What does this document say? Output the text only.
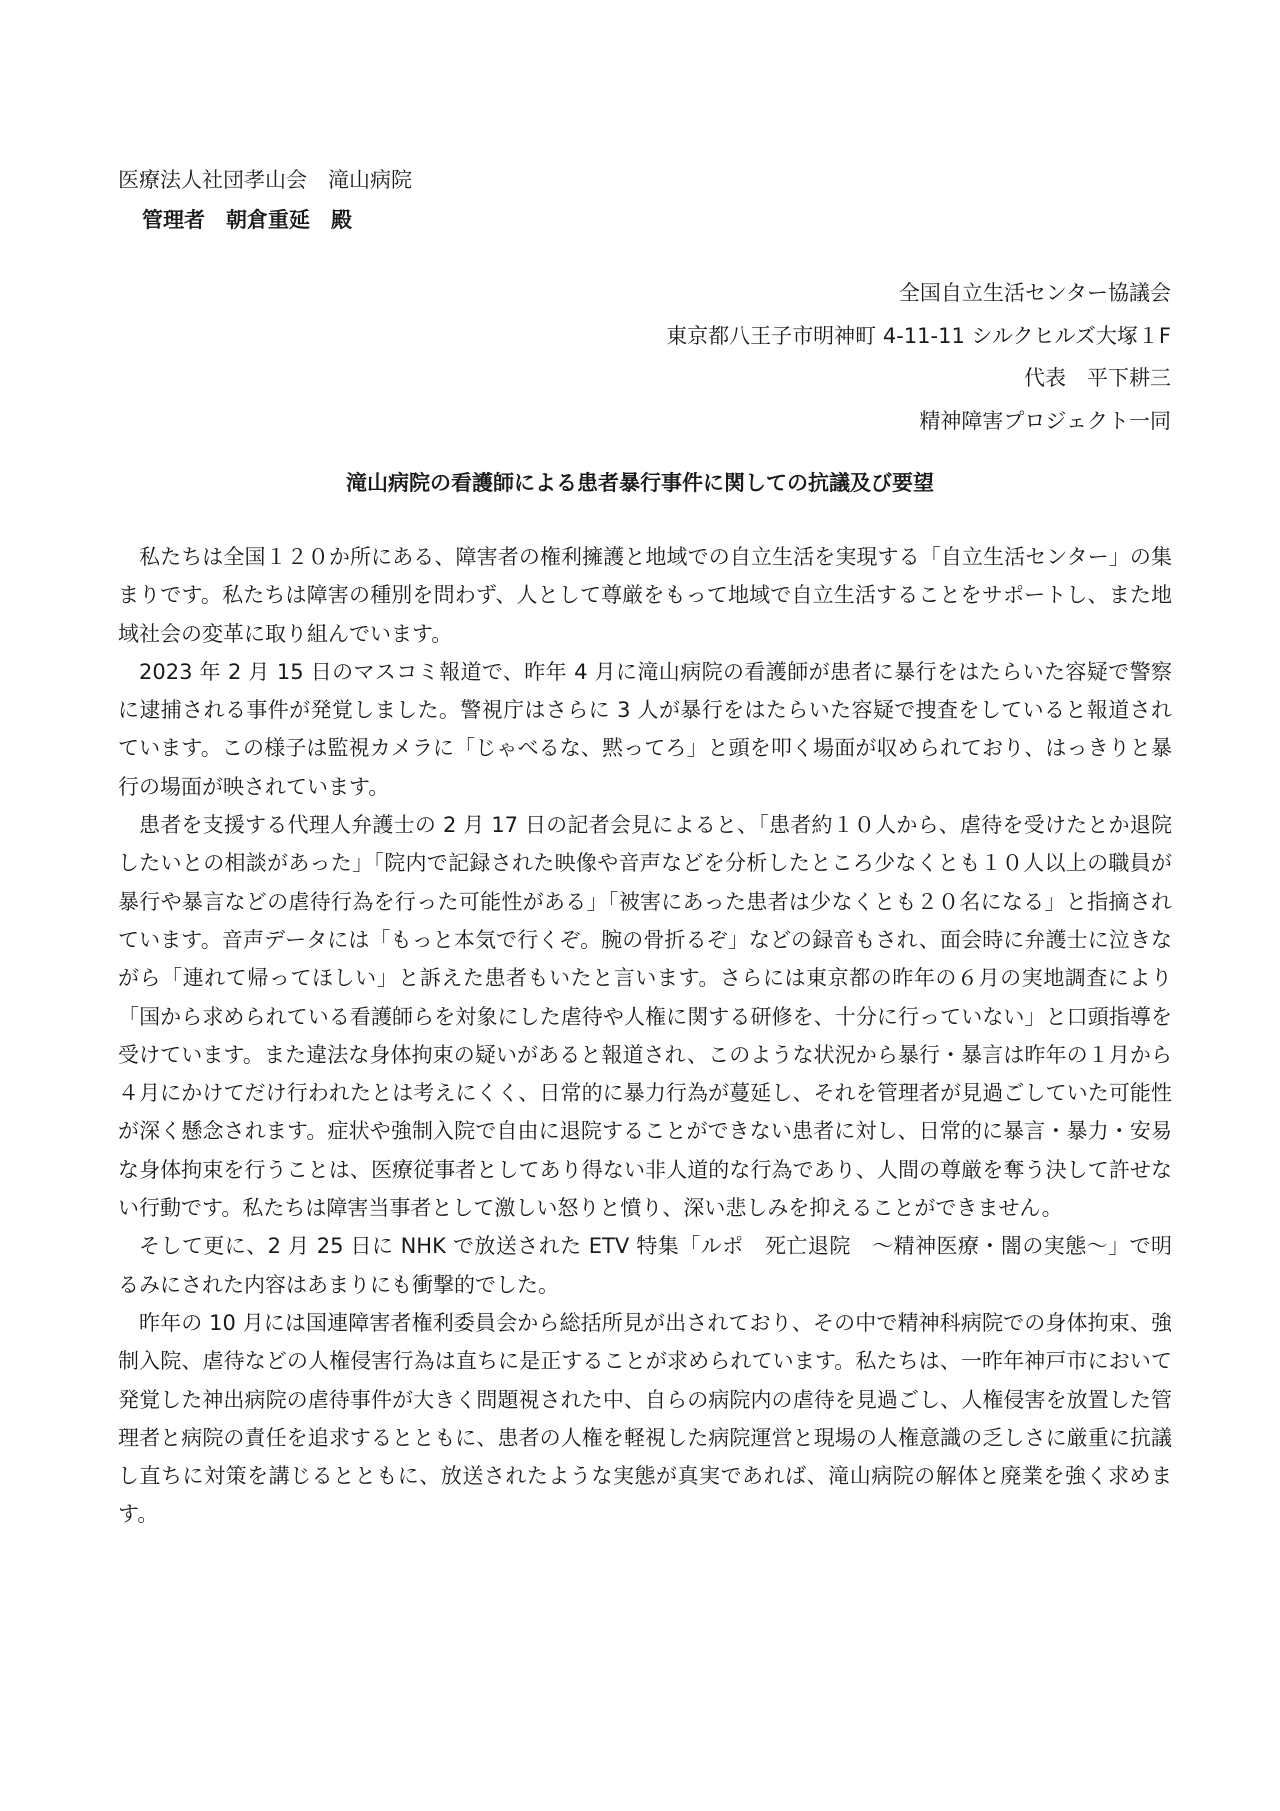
医療法人社団孝山会　滝山病院

管理者　朝倉重延　殿

全国自立生活センター協議会
東京都八王子市明神町 4-11-11 シルクヒルズ大塚１F
代表　平下耕三
精神障害プロジェクト一同
滝山病院の看護師による患者暴行事件に関しての抗議及び要望

私たちは全国１２０か所にある、障害者の権利擁護と地域での自立生活を実現する「自立生活センター」の集まりです。私たちは障害の種別を問わず、人として尊厳をもって地域で自立生活することをサポートし、また地域社会の変革に取り組んでいます。

2023 年 2 月 15 日のマスコミ報道で、昨年 4 月に滝山病院の看護師が患者に暴行をはたらいた容疑で警察に逮捕される事件が発覚しました。警視庁はさらに 3 人が暴行をはたらいた容疑で捜査をしていると報道されています。この様子は監視カメラに「じゃべるな、黙ってろ」と頭を叩く場面が収められており、はっきりと暴行の場面が映されています。

患者を支援する代理人弁護士の 2 月 17 日の記者会見によると、「患者約１０人から、虐待を受けたとか退院したいとの相談があった」「院内で記録された映像や音声などを分析したところ少なくとも１０人以上の職員が暴行や暴言などの虐待行為を行った可能性がある」「被害にあった患者は少なくとも２０名になる」と指摘されています。音声データには「もっと本気で行くぞ。腕の骨折るぞ」などの録音もされ、面会時に弁護士に泣きながら「連れて帰ってほしい」と訴えた患者もいたと言います。さらには東京都の昨年の６月の実地調査により「国から求められている看護師らを対象にした虐待や人権に関する研修を、十分に行っていない」と口頭指導を受けています。また違法な身体拘束の疑いがあると報道され、このような状況から暴行・暴言は昨年の１月から４月にかけてだけ行われたとは考えにくく、日常的に暴力行為が蔓延し、それを管理者が見過ごしていた可能性が深く懸念されます。症状や強制入院で自由に退院することができない患者に対し、日常的に暴言・暴力・安易な身体拘束を行うことは、医療従事者としてあり得ない非人道的な行為であり、人間の尊厳を奪う決して許せない行動です。私たちは障害当事者として激しい怒りと憤り、深い悲しみを抑えることができません。

そして更に、2 月 25 日に NHK で放送された ETV 特集「ルポ　死亡退院　～精神医療・闇の実態～」で明るみにされた内容はあまりにも衝撃的でした。

昨年の 10 月には国連障害者権利委員会から総括所見が出されており、その中で精神科病院での身体拘束、強制入院、虐待などの人権侵害行為は直ちに是正することが求められています。私たちは、一昨年神戸市において発覚した神出病院の虐待事件が大きく問題視された中、自らの病院内の虐待を見過ごし、人権侵害を放置した管理者と病院の責任を追求するとともに、患者の人権を軽視した病院運営と現場の人権意識の乏しさに厳重に抗議し直ちに対策を講じるとともに、放送されたような実態が真実であれば、滝山病院の解体と廃業を強く求めます。
